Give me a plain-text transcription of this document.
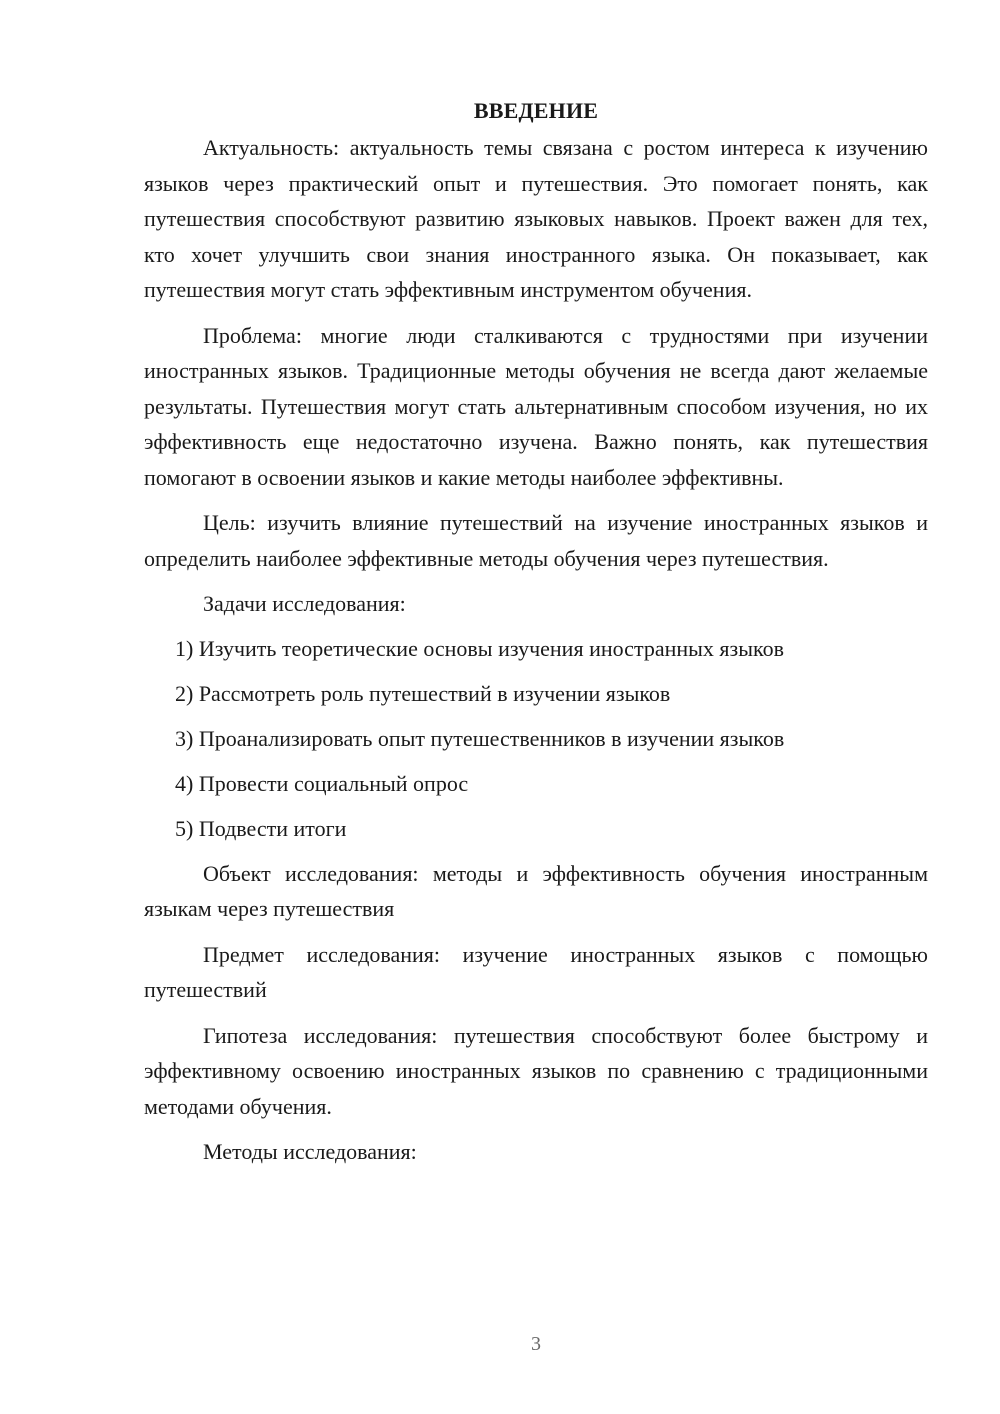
ВВЕДЕНИЕ

Актуальность: актуальность темы связана с ростом интереса к изучению языков через практический опыт и путешествия. Это помогает понять, как путешествия способствуют развитию языковых навыков. Проект важен для тех, кто хочет улучшить свои знания иностранного языка. Он показывает, как путешествия могут стать эффективным инструментом обучения.

Проблема: многие люди сталкиваются с трудностями при изучении иностранных языков. Традиционные методы обучения не всегда дают желаемые результаты. Путешествия могут стать альтернативным способом изучения, но их эффективность еще недостаточно изучена. Важно понять, как путешествия помогают в освоении языков и какие методы наиболее эффективны.

Цель: изучить влияние путешествий на изучение иностранных языков и определить наиболее эффективные методы обучения через путешествия.

Задачи исследования:

1) Изучить теоретические основы изучения иностранных языков
2) Рассмотреть роль путешествий в изучении языков
3) Проанализировать опыт путешественников в изучении языков
4) Провести социальный опрос
5) Подвести итоги

Объект исследования: методы и эффективность обучения иностранным языкам через путешествия

Предмет исследования: изучение иностранных языков с помощью путешествий

Гипотеза исследования: путешествия способствуют более быстрому и эффективному освоению иностранных языков по сравнению с традиционными методами обучения.

Методы исследования:

3
